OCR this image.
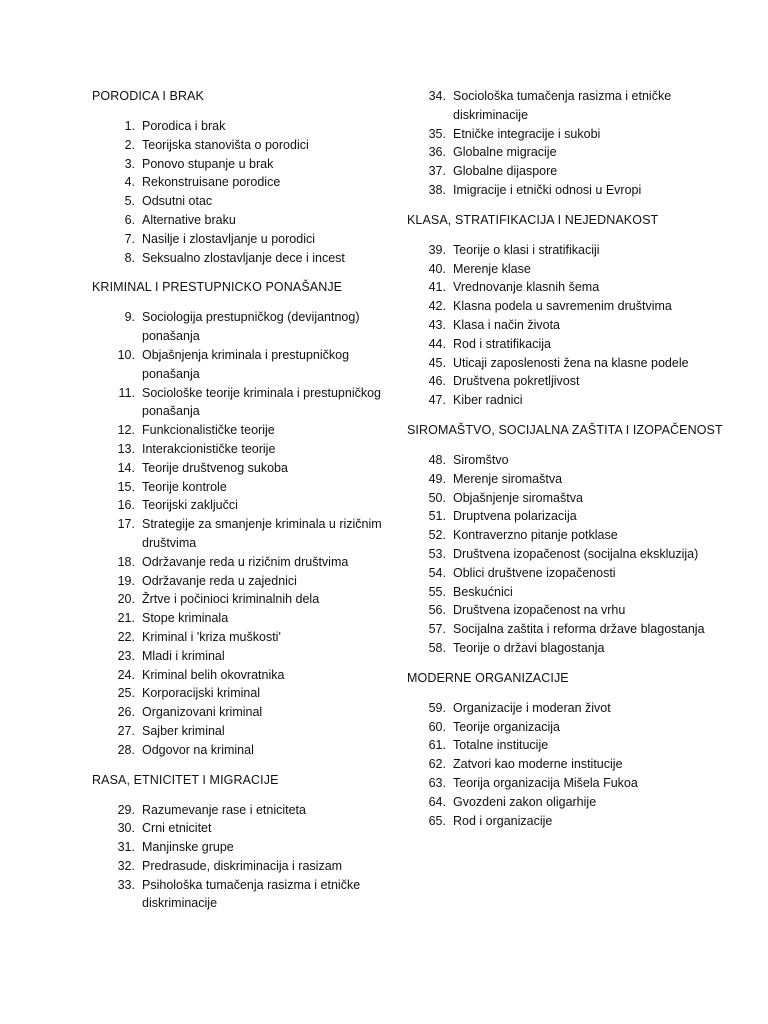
PORODICA I BRAK
1. Porodica i brak
2. Teorijska stanovišta o porodici
3. Ponovo stupanje u brak
4. Rekonstruisane porodice
5. Odsutni otac
6. Alternative braku
7. Nasilje i zlostavljanje u porodici
8. Seksualno zlostavljanje dece i incest
KRIMINAL I PRESTUPNICKO PONAŠANJE
9. Sociologija prestupničkog (devijantnog) ponašanja
10. Objašnjenja kriminala i prestupničkog ponašanja
11. Sociološke teorije kriminala i prestupničkog ponašanja
12. Funkcionalističke teorije
13. Interakcionističke teorije
14. Teorije društvenog sukoba
15. Teorije kontrole
16. Teorijski zaključci
17. Strategije za smanjenje kriminala u rizičnim društvima
18. Održavanje reda u rizičnim društvima
19. Održavanje reda u zajednici
20. Žrtve i počinioci kriminalnih dela
21. Stope kriminala
22. Kriminal i 'kriza muškosti'
23. Mladi i kriminal
24. Kriminal belih okovratnika
25. Korporacijski kriminal
26. Organizovani kriminal
27. Sajber kriminal
28. Odgovor na kriminal
RASA, ETNICITET I MIGRACIJE
29. Razumevanje rase i etniciteta
30. Crni etnicitet
31. Manjinske grupe
32. Predrasude, diskriminacija i rasizam
33. Psihološka tumačenja rasizma i etničke diskriminacije
34. Sociološka tumačenja rasizma i etničke diskriminacije
35. Etničke integracije i sukobi
36. Globalne migracije
37. Globalne dijaspore
38. Imigracije i etnički odnosi u Evropi
KLASA, STRATIFIKACIJA I NEJEDNAKOST
39. Teorije o klasi i stratifikaciji
40. Merenje klase
41. Vrednovanje klasnih šema
42. Klasna podela u savremenim društvima
43. Klasa i način života
44. Rod i stratifikacija
45. Uticaji zaposlenosti žena na klasne podele
46. Društvena pokretljivost
47. Kiber radnici
SIROMAŠTVO, SOCIJALNA ZAŠTITA I IZOPAČENOST
48. Siromštvo
49. Merenje siromaštva
50. Objašnjenje siromaštva
51. Druptvena polarizacija
52. Kontraverzno pitanje potklase
53. Društvena izopačenost (socijalna ekskluzija)
54. Oblici društvene izopačenosti
55. Beskućnici
56. Društvena izopačenost na vrhu
57. Socijalna zaštita i reforma države blagostanja
58. Teorije o državi blagostanja
MODERNE ORGANIZACIJE
59. Organizacije i moderan život
60. Teorije organizacija
61. Totalne institucije
62. Zatvori kao moderne institucije
63. Teorija organizacija Mišela Fukoa
64. Gvozdeni zakon oligarhije
65. Rod i organizacije
